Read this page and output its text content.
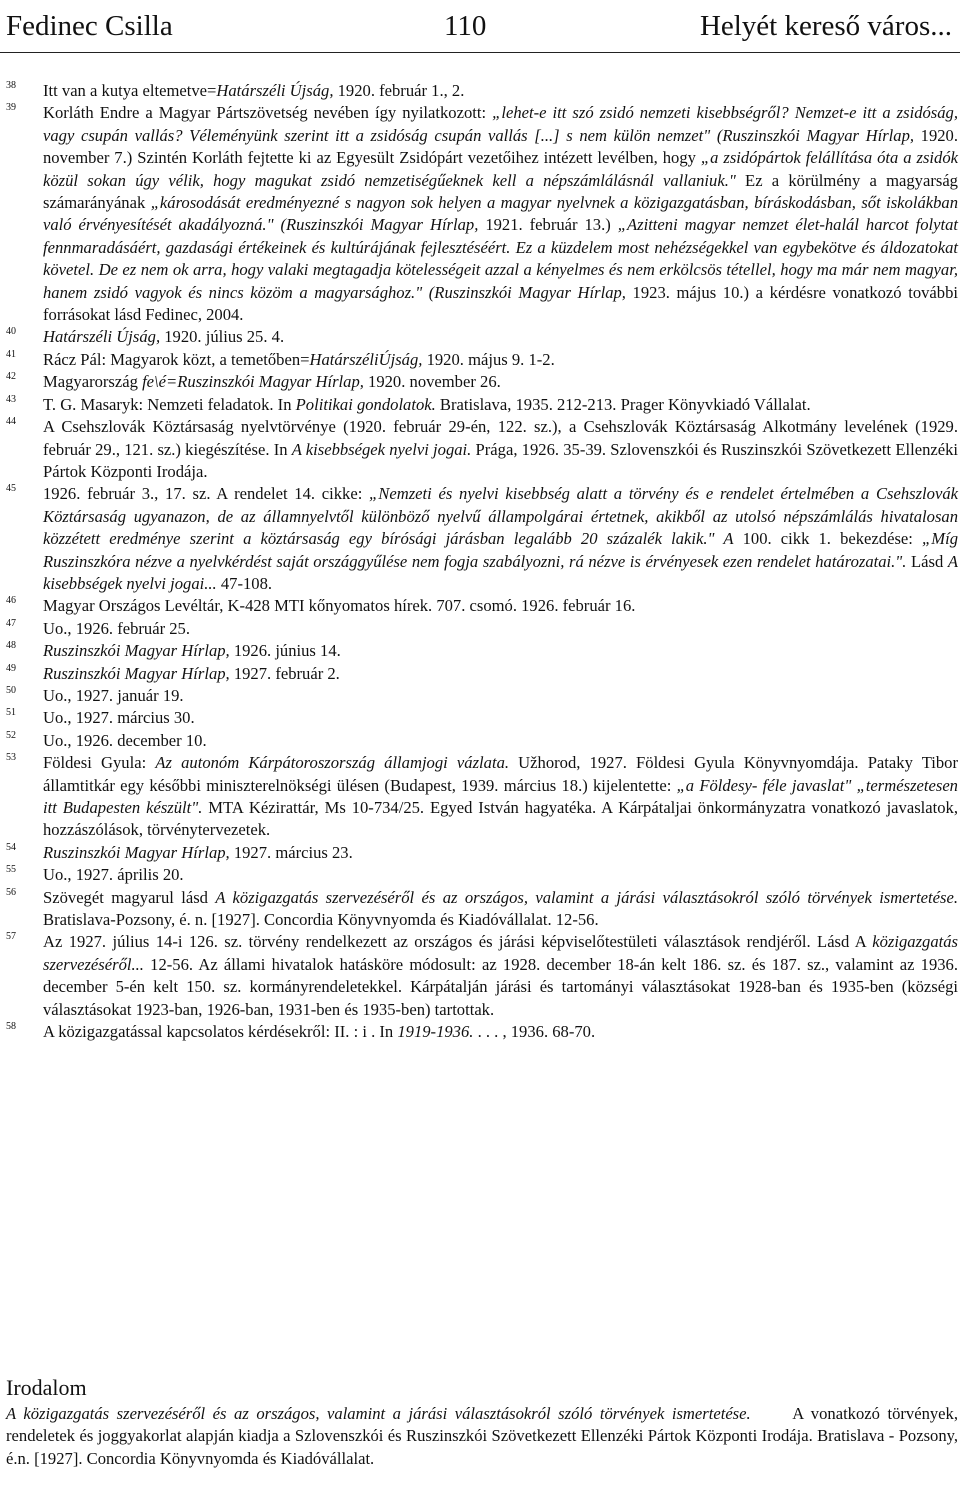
Fedinec Csilla	110	Helyét kereső város...
38 Itt van a kutya eltemetve=Határszéli Újság, 1920. február 1., 2.
39 Korláth Endre a Magyar Pártszövetség nevében így nyilatkozott: „lehet-e itt szó zsidó nemzeti kisebbségről? Nemzet-e itt a zsidóság, vagy csupán vallás? Véleményünk szerint itt a zsidóság csupán vallás [...] s nem külön nemzet" (Ruszinszkói Magyar Hírlap, 1920. november 7.) Szintén Korláth fejtette ki az Egyesült Zsidópárt vezetőihez intézett levélben, hogy „a zsidópártok felállítása óta a zsidók közül sokan úgy vélik, hogy magukat zsidó nemzetiségűeknek kell a népszámlálásnál vallaniuk." Ez a körülmény a magyarság számarányának „károsodását eredményezné s nagyon sok helyen a magyar nyelvnek a közigazgatásban, bíráskodásban, sőt iskolákban való érvényesítését akadályozná." (Ruszinszkói Magyar Hírlap, 1921. február 13.) „Azitteni magyar nemzet élet-halál harcot folytat fennmaradásáért, gazdasági értékeinek és kultúrájának fejlesztéséért. Ez a küzdelem most nehézségekkel van egybekötve és áldozatokat követel. De ez nem ok arra, hogy valaki megtagadja kötelességeit azzal a kényelmes és nem erkölcsös tétellel, hogy ma már nem magyar, hanem zsidó vagyok és nincs közöm a magyarsághoz." (Ruszinszkói Magyar Hírlap, 1923. május 10.) a kérdésre vonatkozó további forrásokat lásd Fedinec, 2004.
40 Határszéli Újság, 1920. július 25. 4.
41 Rácz Pál: Magyarok közt, a temetőben=HatárszéliÚjság, 1920. május 9. 1-2.
42 Magyarország fe\é=Ruszinszkói Magyar Hírlap, 1920. november 26.
43 T. G. Masaryk: Nemzeti feladatok. In Politikai gondolatok. Bratislava, 1935. 212-213. Prager Könyvkiadó Vállalat.
44 A Csehszlovák Köztársaság nyelvtörvénye (1920. február 29-én, 122. sz.), a Csehszlovák Köztársaság Alkotmány levelének (1929. február 29., 121. sz.) kiegészítése. In A kisebbségek nyelvi jogai. Prága, 1926. 35-39. Szlovenszkói és Ruszinszkói Szövetkezett Ellenzéki Pártok Központi Irodája.
45 1926. február 3., 17. sz. A rendelet 14. cikke: „Nemzeti és nyelvi kisebbség alatt a törvény és e rendelet értelmében a Csehszlovák Köztársaság ugyanazon, de az államnyelvtől különböző nyelvű állampolgárai értetnek, akikből az utolsó népszámlálás hivatalosan közzétett eredménye szerint a köztársaság egy bírósági járásban legalább 20 százalék lakik." A 100. cikk 1. bekezdése: „Míg Ruszinszkóra nézve a nyelvkérdést saját országgyűlése nem fogja szabályozni, rá nézve is érvényesek ezen rendelet határozatai.". Lásd A kisebbségek nyelvi jogai... 47-108.
46 Magyar Országos Levéltár, K-428 MTI kőnyomatos hírek. 707. csomó. 1926. február 16.
47 Uo., 1926. február 25.
48 Ruszinszkói Magyar Hírlap, 1926. június 14.
49 Ruszinszkói Magyar Hírlap, 1927. február 2.
50 Uo., 1927. január 19.
51 Uo., 1927. március 30.
52 Uo., 1926. december 10.
53 Földesi Gyula: Az autonóm Kárpátoroszország államjogi vázlata. Užhorod, 1927. Földesi Gyula Könyvnyomdája. Pataky Tibor államtitkár egy későbbi miniszterelnökségi ülésen (Budapest, 1939. március 18.) kijelentette: „a Földesy- féle javaslat" „természetesen itt Budapesten készült". MTA Kézirattár, Ms 10-734/25. Egyed István hagyatéka. A Kárpátaljai önkormányzatra vonatkozó javaslatok, hozzászólások, törvénytervezetek.
54 Ruszinszkói Magyar Hírlap, 1927. március 23.
55 Uo., 1927. április 20.
56 Szövegét magyarul lásd A közigazgatás szervezéséről és az országos, valamint a járási választásokról szóló törvények ismertetése. Bratislava-Pozsony, é. n. [1927]. Concordia Könyvnyomda és Kiadóvállalat. 12-56.
57 Az 1927. július 14-i 126. sz. törvény rendelkezett az országos és járási képviselőtestületi választások rendjéről. Lásd A közigazgatás szervezéséről... 12-56. Az állami hivatalok hatásköre módosult: az 1928. december 18-án kelt 186. sz. és 187. sz., valamint az 1936. december 5-én kelt 150. sz. kormányrendeletekkel. Kárpátalján járási és tartományi választásokat 1928-ban és 1935-ben (községi választásokat 1923-ban, 1926-ban, 1931-ben és 1935-ben) tartottak.
58 A közigazgatással kapcsolatos kérdésekről: II. : i . In 1919-1936. . . . , 1936. 68-70.
Irodalom
A közigazgatás szervezéséről és az országos, valamint a járási választásokról szóló törvények ismertetése.	A vonatkozó törvények, rendeletek és joggyakorlat alapján kiadja a Szlovenszkói és Ruszinszkói Szövetkezett Ellenzéki Pártok Központi Irodája. Bratislava - Pozsony, é.n. [1927]. Concordia Könyvnyomda és Kiadóvállalat.
